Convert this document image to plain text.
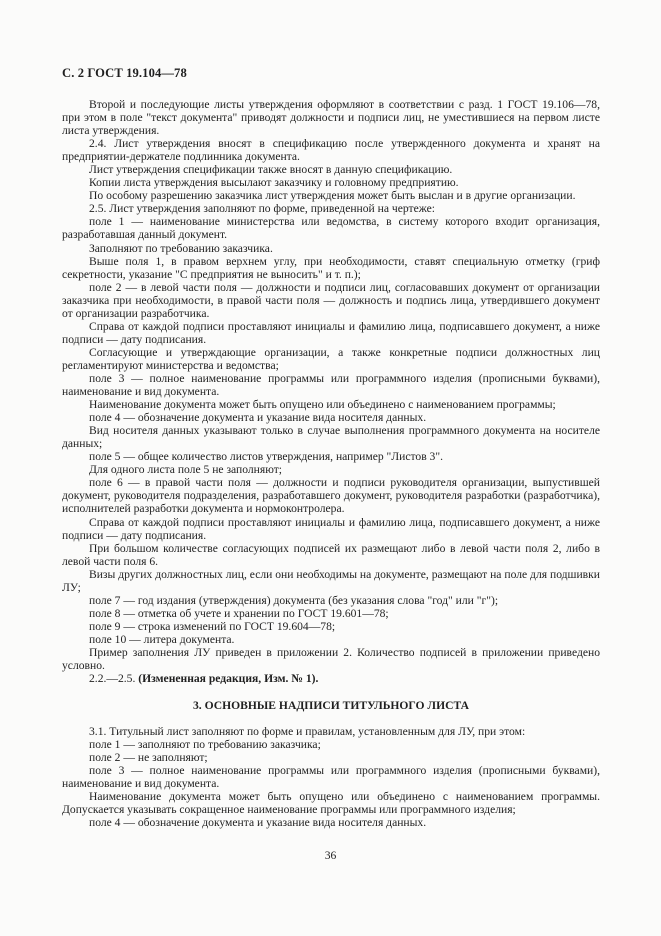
С. 2 ГОСТ 19.104—78

Второй и последующие листы утверждения оформляют в соответствии с разд. 1 ГОСТ 19.106—78, при этом в поле "текст документа" приводят должности и подписи лиц, не уместившиеся на первом листе листа утверждения.

2.4. Лист утверждения вносят в спецификацию после утвержденного документа и хранят на предприятии-держателе подлинника документа.

Лист утверждения спецификации также вносят в данную спецификацию.

Копии листа утверждения высылают заказчику и головному предприятию.

По особому разрешению заказчика лист утверждения может быть выслан и в другие организации.

2.5. Лист утверждения заполняют по форме, приведенной на чертеже:

поле 1 — наименование министерства или ведомства, в систему которого входит организация, разработавшая данный документ.

Заполняют по требованию заказчика.

Выше поля 1, в правом верхнем углу, при необходимости, ставят специальную отметку (гриф секретности, указание "С предприятия не выносить" и т. п.);

поле 2 — в левой части поля — должности и подписи лиц, согласовавших документ от организации заказчика при необходимости, в правой части поля — должность и подпись лица, утвердившего документ от организации разработчика.

Справа от каждой подписи проставляют инициалы и фамилию лица, подписавшего документ, а ниже подписи — дату подписания.

Согласующие и утверждающие организации, а также конкретные подписи должностных лиц регламентируют министерства и ведомства;

поле 3 — полное наименование программы или программного изделия (прописными буквами), наименование и вид документа.

Наименование документа может быть опущено или объединено с наименованием программы;

поле 4 — обозначение документа и указание вида носителя данных.

Вид носителя данных указывают только в случае выполнения программного документа на носителе данных;

поле 5 — общее количество листов утверждения, например "Листов 3".

Для одного листа поле 5 не заполняют;

поле 6 — в правой части поля — должности и подписи руководителя организации, выпустившей документ, руководителя подразделения, разработавшего документ, руководителя разработки (разработчика), исполнителей разработки документа и нормоконтролера.

Справа от каждой подписи проставляют инициалы и фамилию лица, подписавшего документ, а ниже подписи — дату подписания.

При большом количестве согласующих подписей их размещают либо в левой части поля 2, либо в левой части поля 6.

Визы других должностных лиц, если они необходимы на документе, размещают на поле для подшивки ЛУ;

поле 7 — год издания (утверждения) документа (без указания слова "год" или "г");

поле 8 — отметка об учете и хранении по ГОСТ 19.601—78;

поле 9 — строка изменений по ГОСТ 19.604—78;

поле 10 — литера документа.

Пример заполнения ЛУ приведен в приложении 2. Количество подписей в приложении приведено условно.

2.2.—2.5. (Измененная редакция, Изм. № 1).

3. ОСНОВНЫЕ НАДПИСИ ТИТУЛЬНОГО ЛИСТА

3.1. Титульный лист заполняют по форме и правилам, установленным для ЛУ, при этом:

поле 1 — заполняют по требованию заказчика;

поле 2 — не заполняют;

поле 3 — полное наименование программы или программного изделия (прописными буквами), наименование и вид документа.

Наименование документа может быть опущено или объединено с наименованием программы. Допускается указывать сокращенное наименование программы или программного изделия;

поле 4 — обозначение документа и указание вида носителя данных.

36
